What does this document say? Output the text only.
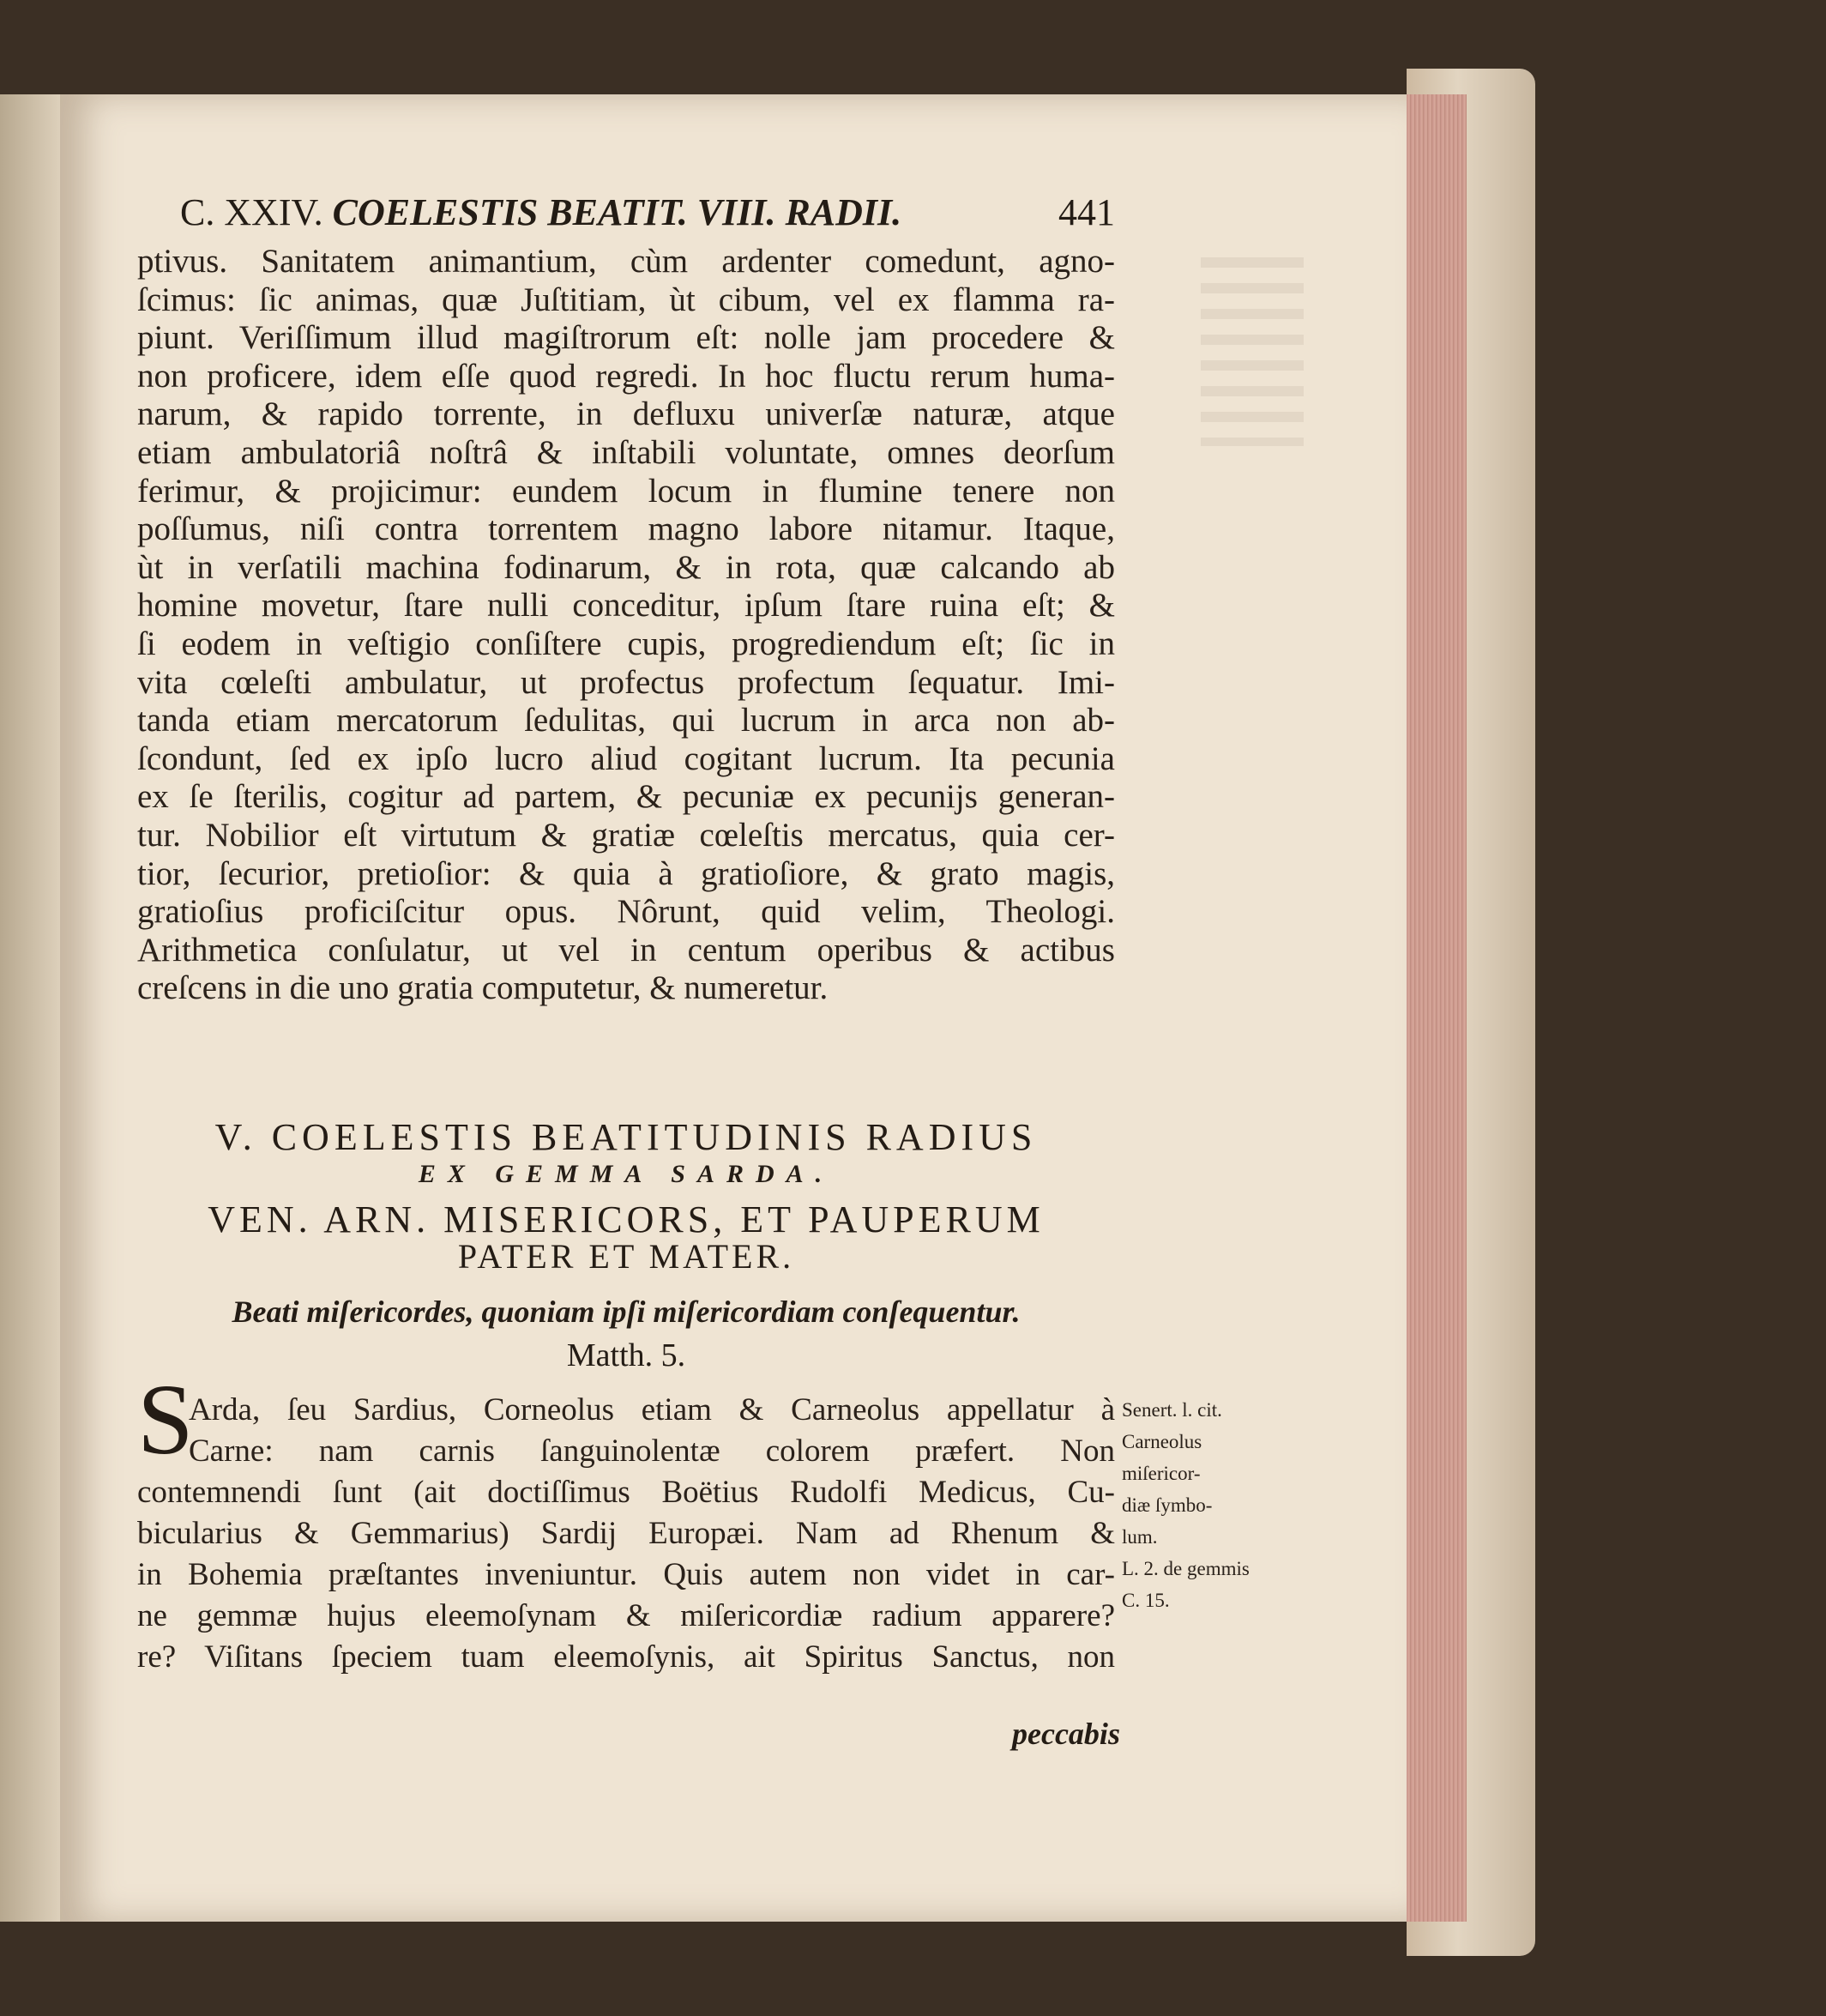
C. XXIV. COELESTIS BEATIT. VIII. RADII.	441
ptivus. Sanitatem animantium, cùm ardenter comedunt, agno-
ſcimus: ſic animas, quæ Juſtitiam, ùt cibum, vel ex flamma ra-
piunt. Veriſſimum illud magiſtrorum eſt: nolle jam procedere &
non proficere, idem eſſe quod regredi. In hoc fluctu rerum huma-
narum, & rapido torrente, in defluxu univerſæ naturæ, atque
etiam ambulatoriâ noſtrâ & inſtabili voluntate, omnes deorſum
ferimur, & projicimur: eundem locum in flumine tenere non
poſſumus, niſi contra torrentem magno labore nitamur. Itaque,
ùt in verſatili machina fodinarum, & in rota, quæ calcando ab
homine movetur, ſtare nulli conceditur, ipſum ſtare ruina eſt; &
ſi eodem in veſtigio conſiſtere cupis, progrediendum eſt; ſic in
vita cœleſti ambulatur, ut profectus profectum ſequatur. Imi-
tanda etiam mercatorum ſedulitas, qui lucrum in arca non ab-
ſcondunt, ſed ex ipſo lucro aliud cogitant lucrum. Ita pecunia
ex ſe ſterilis, cogitur ad partem, & pecuniæ ex pecunijs generan-
tur. Nobilior eſt virtutum & gratiæ cœleſtis mercatus, quia cer-
tior, ſecurior, pretioſior: & quia à gratioſiore, & grato magis,
gratioſius proficiſcitur opus. Nôrunt, quid velim, Theologi.
Arithmetica conſulatur, ut vel in centum operibus & actibus
creſcens in die uno gratia computetur, & numeretur.
V. COELESTIS BEATITUDINIS RADIUS
EX GEMMA SARDA.
VEN. ARN. MISERICORS, ET PAUPERUM
PATER ET MATER.
Beati miſericordes, quoniam ipſi miſericordiam conſequentur.
Matth. 5.
S
Arda, ſeu Sardius, Corneolus etiam & Carneolus appellatur à
Carne: nam carnis ſanguinolentæ colorem præfert. Non
contemnendi ſunt (ait doctiſſimus Boëtius Rudolfi Medicus, Cu-
bicularius & Gemmarius) Sardij Europæi. Nam ad Rhenum &
in Bohemia præſtantes inveniuntur. Quis autem non videt in car-
ne gemmæ hujus eleemoſynam & miſericordiæ radium apparere?
re? Viſitans ſpeciem tuam eleemoſynis, ait Spiritus Sanctus, non
peccabis
Senert. l. cit.
Carneolus
miſericor-
diæ ſymbo-
lum.
L. 2. de gemmis
C. 15.
